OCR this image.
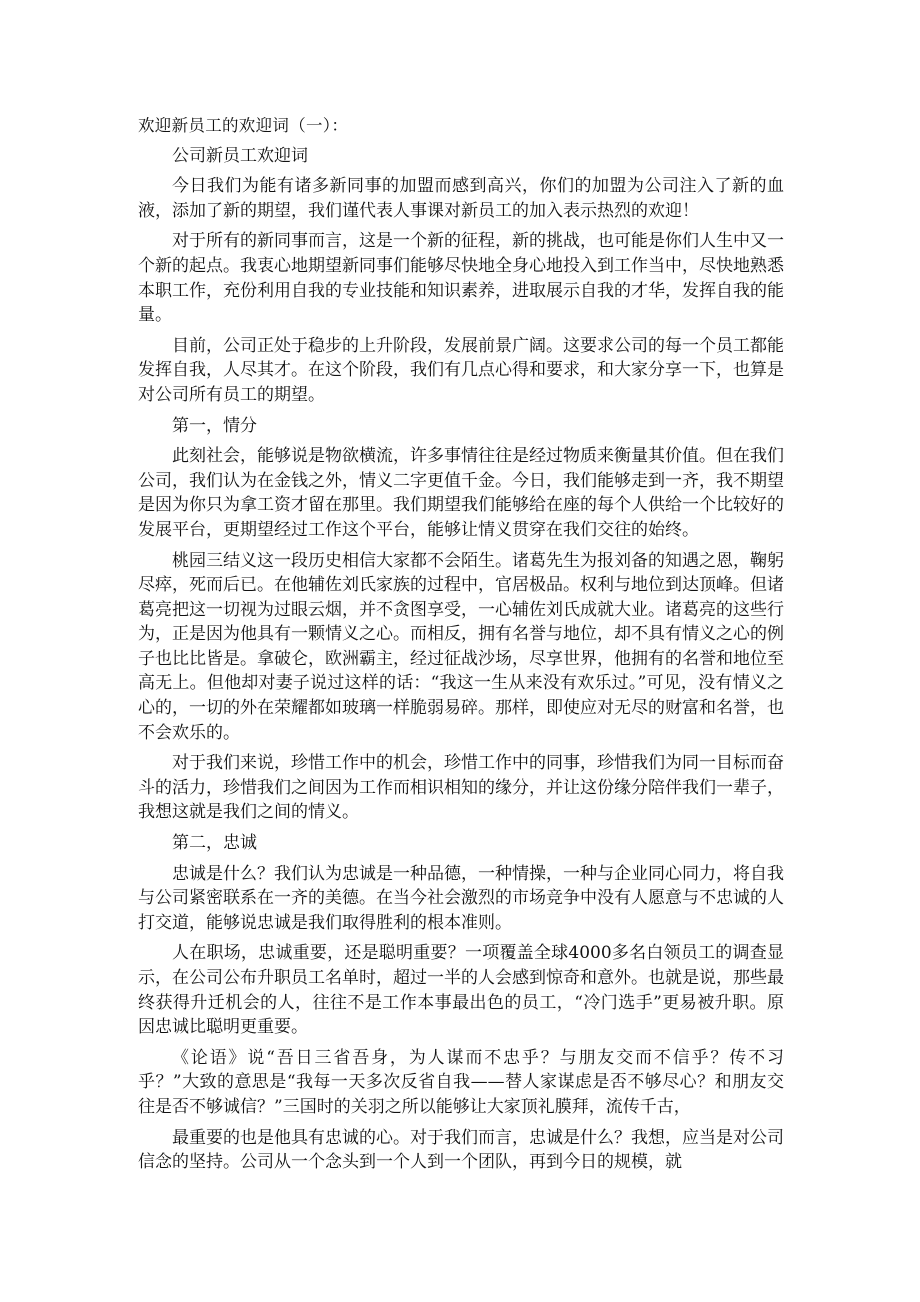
欢迎新员工的欢迎词（一）：
公司新员工欢迎词

今日我们为能有诸多新同事的加盟而感到高兴，你们的加盟为公司注入了新的血液，添加了新的期望，我们谨代表人事课对新员工的加入表示热烈的欢迎！

对于所有的新同事而言，这是一个新的征程，新的挑战，也可能是你们人生中又一个新的起点。我衷心地期望新同事们能够尽快地全身心地投入到工作当中，尽快地熟悉本职工作，充份利用自我的专业技能和知识素养，进取展示自我的才华，发挥自我的能量。

目前，公司正处于稳步的上升阶段，发展前景广阔。这要求公司的每一个员工都能发挥自我，人尽其才。在这个阶段，我们有几点心得和要求，和大家分享一下，也算是对公司所有员工的期望。

第一，情分

此刻社会，能够说是物欲横流，许多事情往往是经过物质来衡量其价值。但在我们公司，我们认为在金钱之外，情义二字更值千金。今日，我们能够走到一齐，我不期望是因为你只为拿工资才留在那里。我们期望我们能够给在座的每个人供给一个比较好的发展平台，更期望经过工作这个平台，能够让情义贯穿在我们交往的始终。

桃园三结义这一段历史相信大家都不会陌生。诸葛先生为报刘备的知遇之恩，鞠躬尽瘁，死而后已。在他辅佐刘氏家族的过程中，官居极品。权利与地位到达顶峰。但诸葛亮把这一切视为过眼云烟，并不贪图享受，一心辅佐刘氏成就大业。诸葛亮的这些行为，正是因为他具有一颗情义之心。而相反，拥有名誉与地位，却不具有情义之心的例子也比比皆是。拿破仑，欧洲霸主，经过征战沙场，尽享世界，他拥有的名誉和地位至高无上。但他却对妻子说过这样的话：“我这一生从来没有欢乐过。”可见，没有情义之心的，一切的外在荣耀都如玻璃一样脆弱易碎。那样，即使应对无尽的财富和名誉，也不会欢乐的。

对于我们来说，珍惜工作中的机会，珍惜工作中的同事，珍惜我们为同一目标而奋斗的活力，珍惜我们之间因为工作而相识相知的缘分，并让这份缘分陪伴我们一辈子，我想这就是我们之间的情义。

第二，忠诚

忠诚是什么？我们认为忠诚是一种品德，一种情操，一种与企业同心同力，将自我与公司紧密联系在一齐的美德。在当今社会激烈的市场竞争中没有人愿意与不忠诚的人打交道，能够说忠诚是我们取得胜利的根本准则。

人在职场，忠诚重要，还是聪明重要？一项覆盖全球4000多名白领员工的调查显示，在公司公布升职员工名单时，超过一半的人会感到惊奇和意外。也就是说，那些最终获得升迁机会的人，往往不是工作本事最出色的员工，“冷门选手”更易被升职。原因忠诚比聪明更重要。

《论语》说“吾日三省吾身，为人谋而不忠乎？与朋友交而不信乎？传不习乎？”大致的意思是“我每一天多次反省自我——替人家谋虑是否不够尽心？和朋友交往是否不够诚信？”三国时的关羽之所以能够让大家顶礼膜拜，流传千古，

最重要的也是他具有忠诚的心。对于我们而言，忠诚是什么？我想，应当是对公司信念的坚持。公司从一个念头到一个人到一个团队，再到今日的规模，就
